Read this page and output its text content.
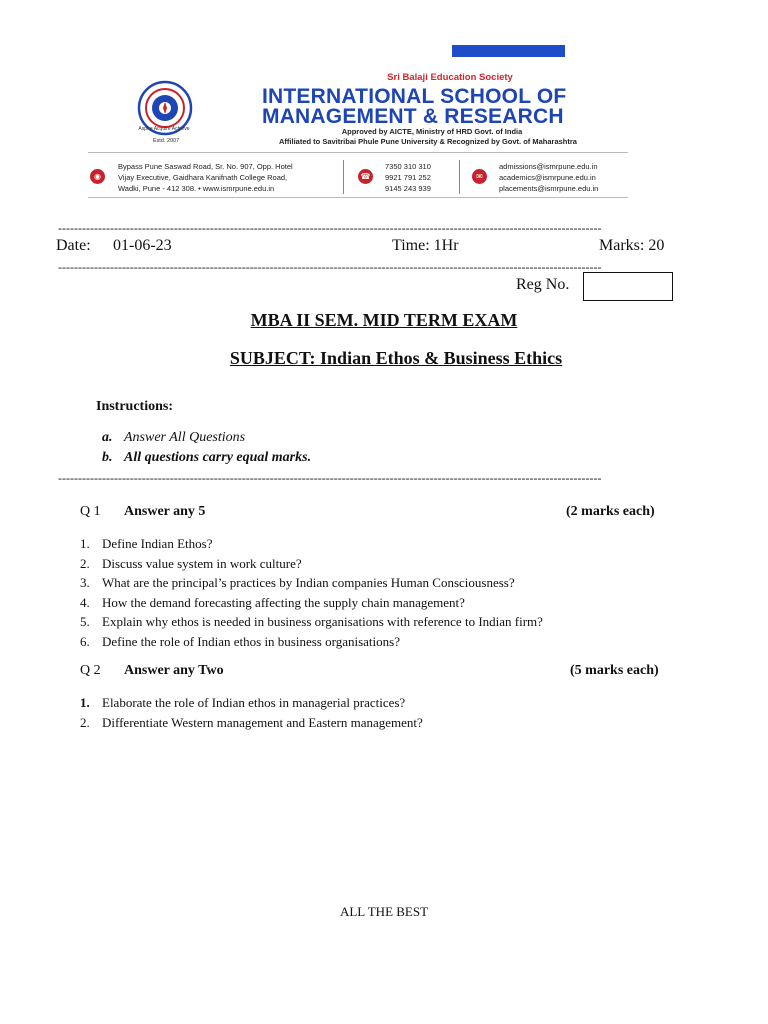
Aspire Acquire Achieve
Estd. 2007
Sri Balaji Education Society
INTERNATIONAL SCHOOL OF
MANAGEMENT & RESEARCH
Approved by AICTE, Ministry of HRD Govt. of India
Affiliated to Savitribai Phule Pune University & Recognized by Govt. of Maharashtra
◉
Bypass Pune Saswad Road, Sr. No. 907, Opp. Hotel
Vijay Executive, Gaidhara Kanifnath College Road,
Wadki, Pune - 412 308. • www.ismrpune.edu.in
☎
7350 310 310
9921 791 252
9145 243 939
✉
admissions@ismrpune.edu.in
academics@ismrpune.edu.in
placements@ismrpune.edu.in
----------------------------------------------------------------------------------------------------------------------------------------
Date: 01-06-23	Time: 1Hr	Marks: 20
----------------------------------------------------------------------------------------------------------------------------------------
Reg No.
MBA II SEM. MID TERM EXAM
SUBJECT: Indian Ethos & Business Ethics
Instructions:
a. Answer All Questions
b. All questions carry equal marks.
----------------------------------------------------------------------------------------------------------------------------------------
Q 1 Answer any 5	(2 marks each)
1. Define Indian Ethos?
2. Discuss value system in work culture?
3. What are the principal’s practices by Indian companies Human Consciousness?
4. How the demand forecasting affecting the supply chain management?
5. Explain why ethos is needed in business organisations with reference to Indian firm?
6. Define the role of Indian ethos in business organisations?
Q 2 Answer any Two	(5 marks each)
1. Elaborate the role of Indian ethos in managerial practices?
2. Differentiate Western management and Eastern management?
ALL THE BEST
